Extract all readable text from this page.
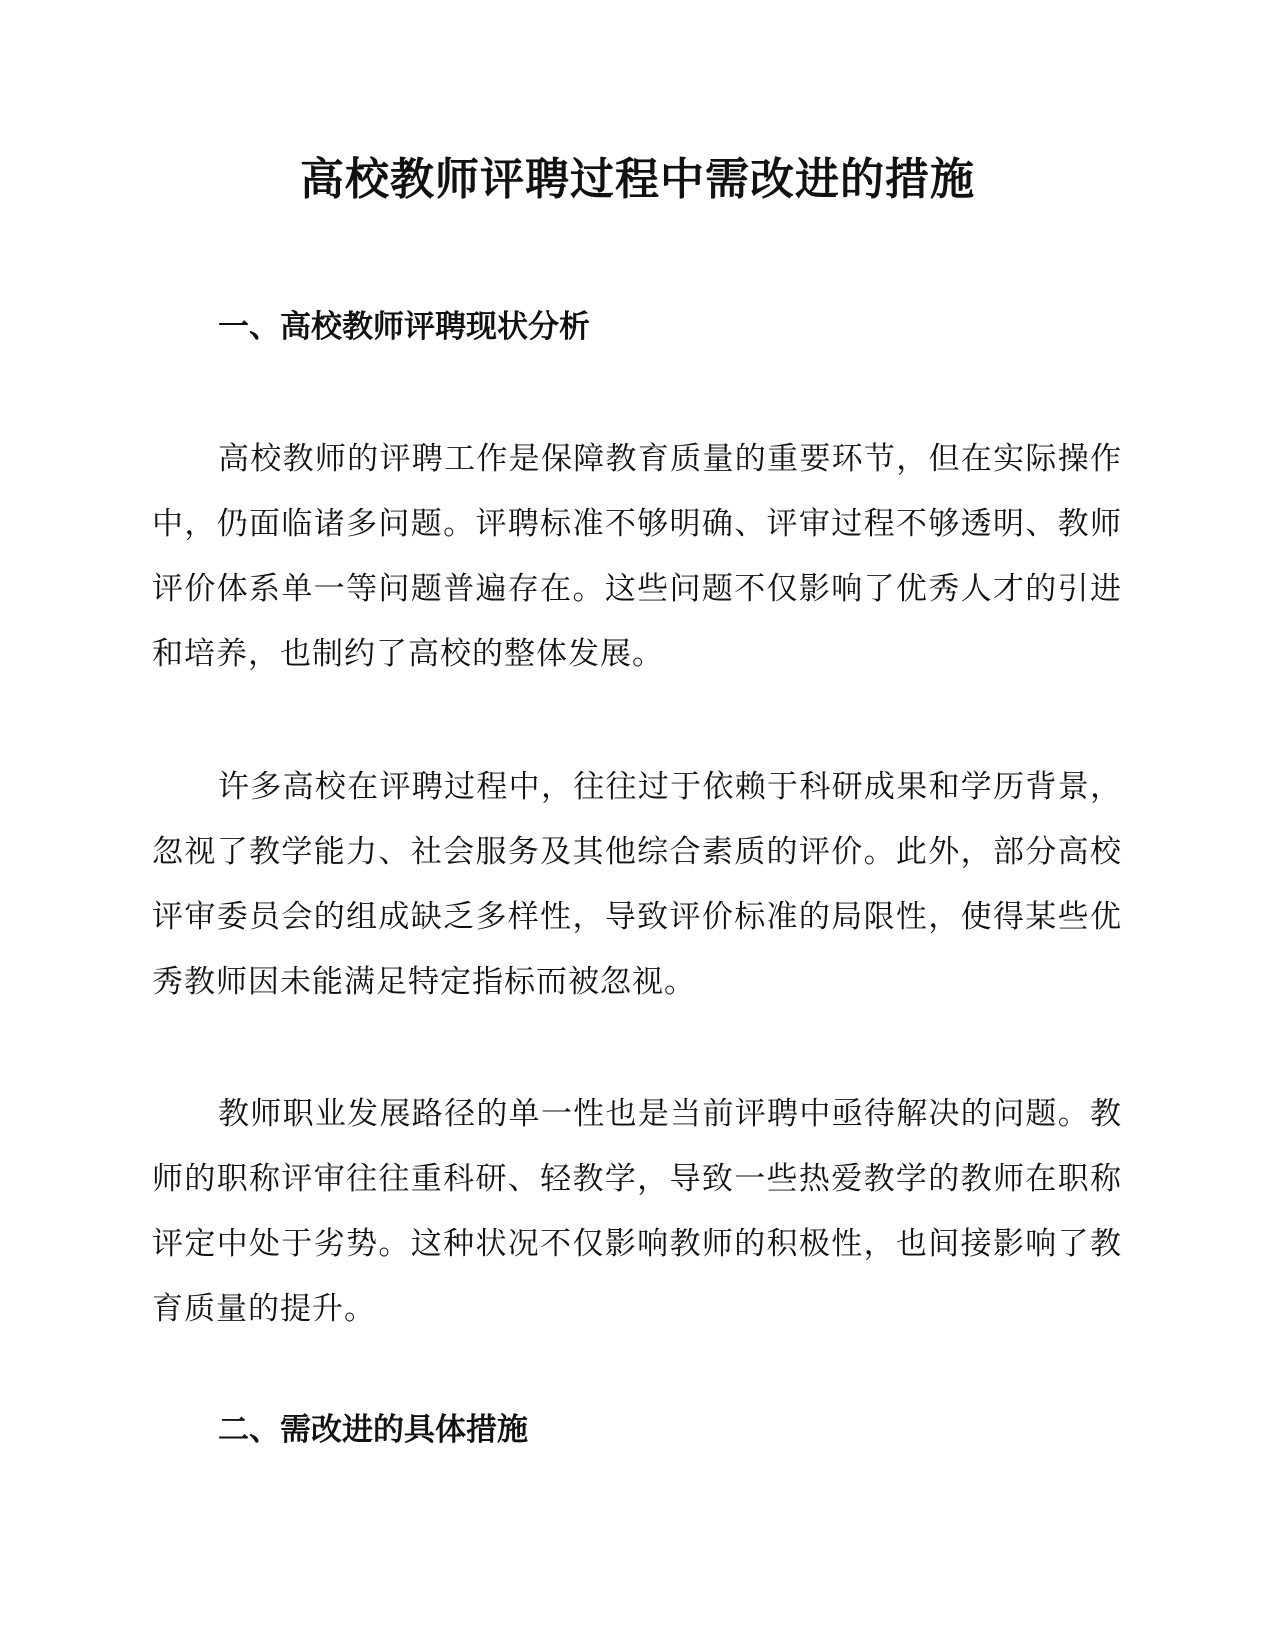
高校教师评聘过程中需改进的措施
一、高校教师评聘现状分析

高校教师的评聘工作是保障教育质量的重要环节，但在实际操作中，仍面临诸多问题。评聘标准不够明确、评审过程不够透明、教师评价体系单一等问题普遍存在。这些问题不仅影响了优秀人才的引进和培养，也制约了高校的整体发展。

许多高校在评聘过程中，往往过于依赖于科研成果和学历背景，忽视了教学能力、社会服务及其他综合素质的评价。此外，部分高校评审委员会的组成缺乏多样性，导致评价标准的局限性，使得某些优秀教师因未能满足特定指标而被忽视。

教师职业发展路径的单一性也是当前评聘中亟待解决的问题。教师的职称评审往往重科研、轻教学，导致一些热爱教学的教师在职称评定中处于劣势。这种状况不仅影响教师的积极性，也间接影响了教育质量的提升。

二、需改进的具体措施
